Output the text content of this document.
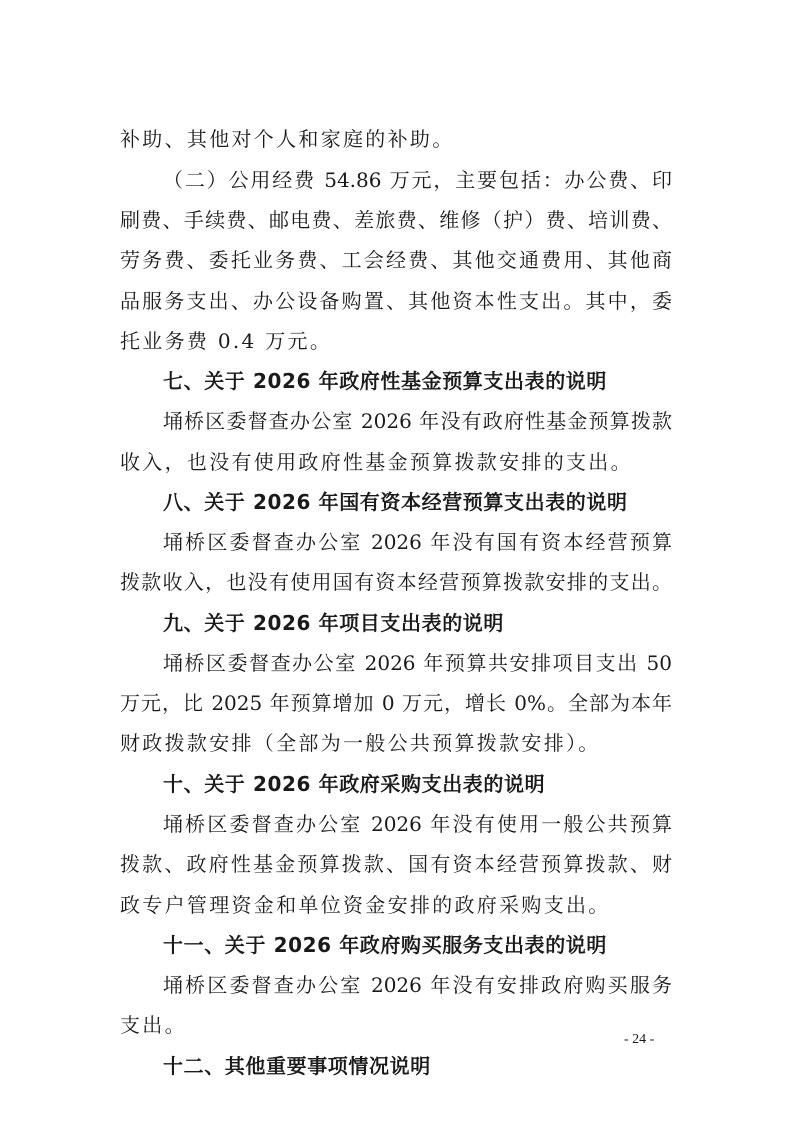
补助、其他对个人和家庭的补助。

（二）公用经费 54.86 万元，主要包括：办公费、印

刷费、手续费、邮电费、差旅费、维修（护）费、培训费、

劳务费、委托业务费、工会经费、其他交通费用、其他商

品服务支出、办公设备购置、其他资本性支出。其中，委

托业务费 0.4 万元。

七、关于 2026 年政府性基金预算支出表的说明

埇桥区委督查办公室 2026 年没有政府性基金预算拨款

收入，也没有使用政府性基金预算拨款安排的支出。

八、关于 2026 年国有资本经营预算支出表的说明

埇桥区委督查办公室 2026 年没有国有资本经营预算

拨款收入，也没有使用国有资本经营预算拨款安排的支出。

九、关于 2026 年项目支出表的说明

埇桥区委督查办公室 2026 年预算共安排项目支出 50

万元，比 2025 年预算增加 0 万元，增长 0%。全部为本年

财政拨款安排（全部为一般公共预算拨款安排）。

十、关于 2026 年政府采购支出表的说明

埇桥区委督查办公室 2026 年没有使用一般公共预算

拨款、政府性基金预算拨款、国有资本经营预算拨款、财

政专户管理资金和单位资金安排的政府采购支出。

十一、关于 2026 年政府购买服务支出表的说明

埇桥区委督查办公室 2026 年没有安排政府购买服务

支出。

十二、其他重要事项情况说明

- 24 -
